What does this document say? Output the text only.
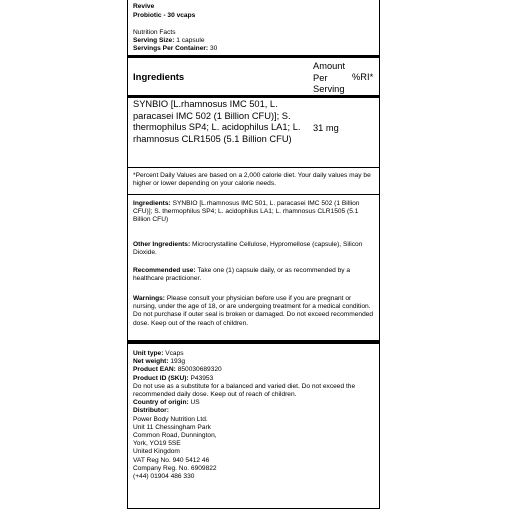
Revive
Probiotic - 30 vcaps
Nutrition Facts
Serving Size: 1 capsule
Servings Per Container: 30
Ingredients
Amount
Per
Serving
%RI*
SYNBIO [L.rhamnosus IMC 501, L. paracasei IMC 502 (1 Billion CFU)]; S. thermophilus SP4; L. acidophilus LA1; L. rhamnosus CLR1505 (5.1 Billion CFU)
31 mg
*Percent Daily Values are based on a 2,000 calorie diet. Your daily values may be higher or lower depending on your calorie needs.
Ingredients: SYNBIO [L.rhamnosus IMC 501, L. paracasei IMC 502 (1 Billion CFU)]; S. thermophilus SP4; L. acidophilus LA1; L. rhamnosus CLR1505 (5.1 Billion CFU)
Other Ingredients: Microcrystalline Cellulose, Hypromellose (capsule), Silicon Dioxide.
Recommended use: Take one (1) capsule daily, or as recommended by a healthcare practicioner.
Warnings: Please consult your physician before use if you are pregnant or nursing, under the age of 18, or are undergoing treatment for a medical condition. Do not purchase if outer seal is broken or damaged. Do not exceed recommended dose. Keep out of the reach of children.
Unit type: Vcaps
Net weight: 193g
Product EAN: 850030689320
Product ID (SKU): P43953
Do not use as a substitute for a balanced and varied diet. Do not exceed the recommended daily dose. Keep out of reach of children.
Country of origin: US
Distributor:
Power Body Nutrition Ltd.
Unit 11 Chessingham Park
Common Road, Dunnington,
York, YO19 5SE
United Kingdom
VAT Reg No. 940 5412 46
Company Reg. No. 6909822
(+44) 01904 486 330
